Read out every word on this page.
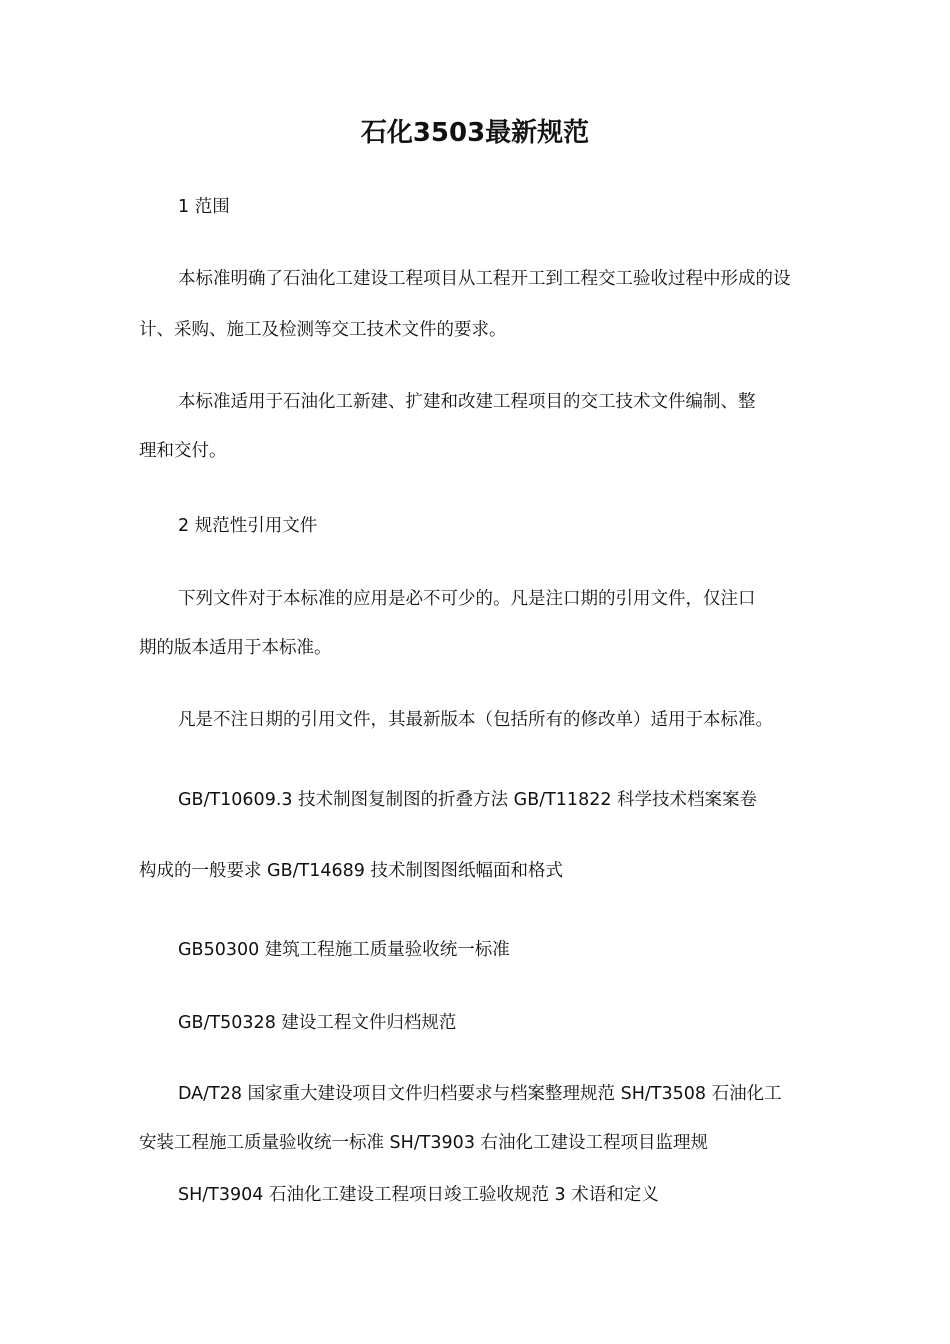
石化3503最新规范
1 范围
本标准明确了石油化工建设工程项目从工程开工到工程交工验收过程中形成的设
计、采购、施工及检测等交工技术文件的要求。
本标准适用于石油化工新建、扩建和改建工程项目的交工技术文件编制、整
理和交付。
2 规范性引用文件
下列文件对于本标准的应用是必不可少的。凡是注口期的引用文件，仅注口
期的版本适用于本标准。
凡是不注日期的引用文件，其最新版本（包括所有的修改单）适用于本标准。
GB/T10609.3 技术制图复制图的折叠方法 GB/T11822 科学技术档案案卷
构成的一般要求 GB/T14689 技术制图图纸幅面和格式
GB50300 建筑工程施工质量验收统一标准
GB/T50328 建设工程文件归档规范
DA/T28 国家重大建设项目文件归档要求与档案整理规范 SH/T3508 石油化工
安装工程施工质量验收统一标准 SH/T3903 右油化工建设工程项目监理规
SH/T3904 石油化工建设工程项日竣工验收规范 3 术语和定义
